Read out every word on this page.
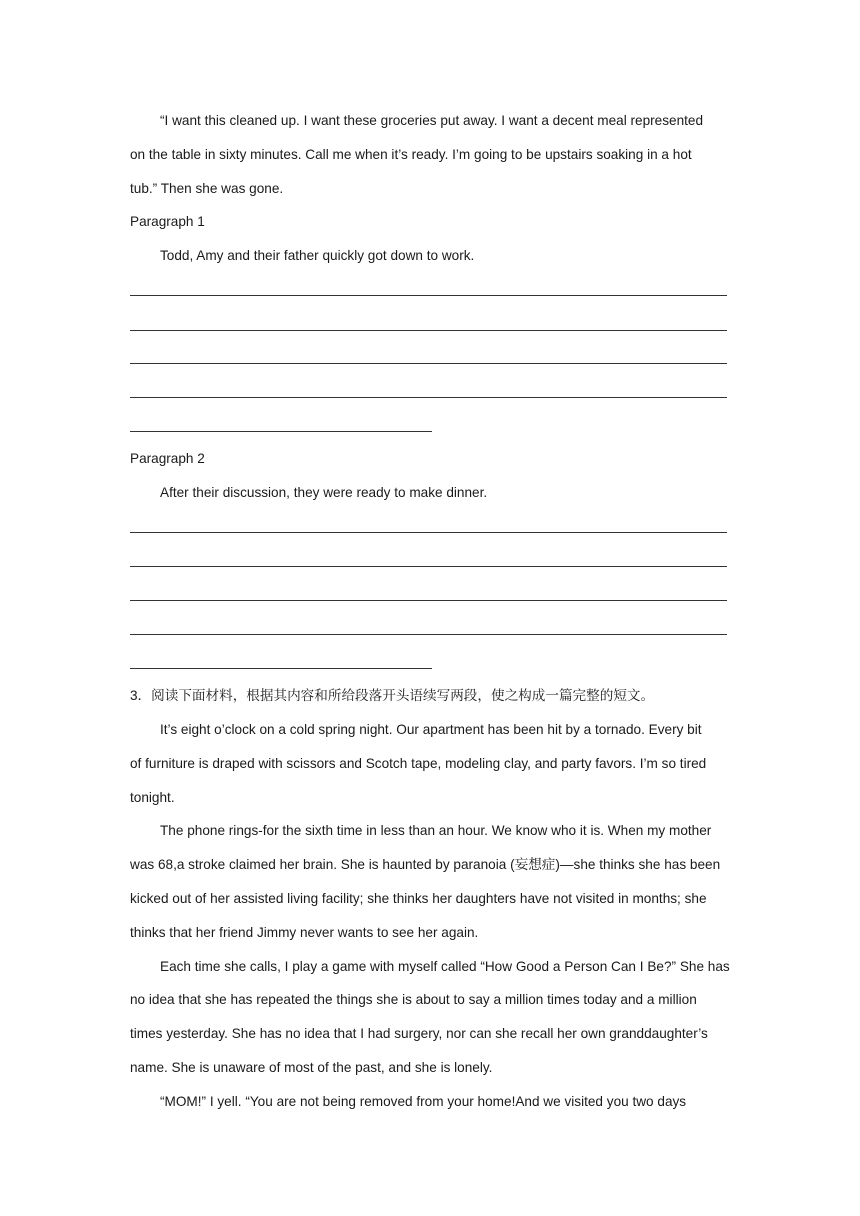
“I want this cleaned up. I want these groceries put away. I want a decent meal represented
on the table in sixty minutes. Call me when it’s ready. I’m going to be upstairs soaking in a hot
tub.” Then she was gone.
Paragraph 1
Todd, Amy and their father quickly got down to work.
Paragraph 2
After their discussion, they were ready to make dinner.
3．阅读下面材料，根据其内容和所给段落开头语续写两段，使之构成一篇完整的短文。
It’s eight o’clock on a cold spring night. Our apartment has been hit by a tornado. Every bit
of furniture is draped with scissors and Scotch tape, modeling clay, and party favors. I’m so tired
tonight.
The phone rings-for the sixth time in less than an hour. We know who it is. When my mother
was 68,a stroke claimed her brain. She is haunted by paranoia (妄想症)—she thinks she has been
kicked out of her assisted living facility; she thinks her daughters have not visited in months; she
thinks that her friend Jimmy never wants to see her again.
Each time she calls, I play a game with myself called “How Good a Person Can I Be?” She has
no idea that she has repeated the things she is about to say a million times today and a million
times yesterday. She has no idea that I had surgery, nor can she recall her own granddaughter’s
name. She is unaware of most of the past, and she is lonely.
“MOM!” I yell. “You are not being removed from your home!And we visited you two days
